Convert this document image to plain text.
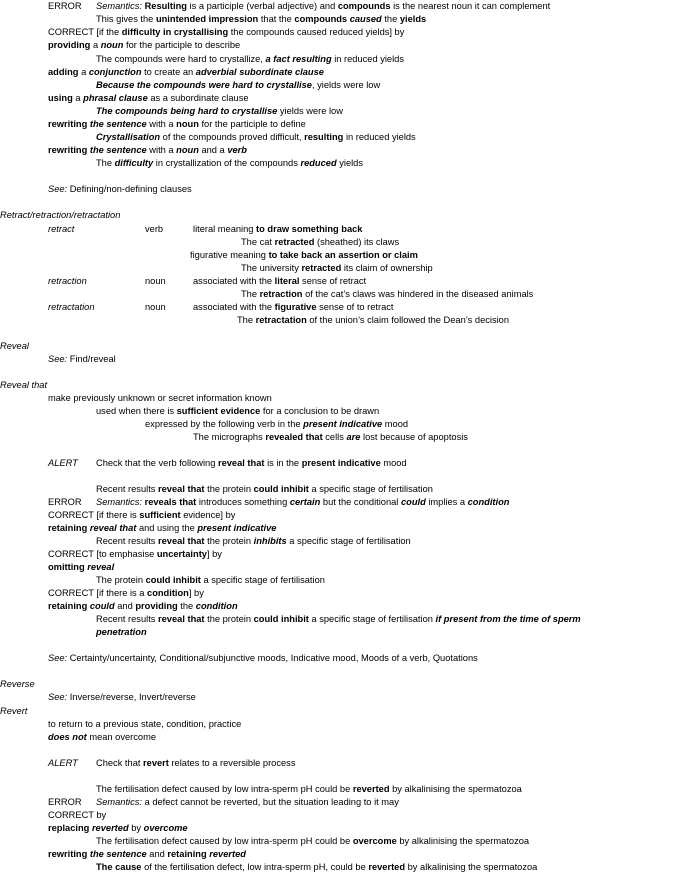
ERROR Semantics: Resulting is a participle (verbal adjective) and compounds is the nearest noun it can complement
This gives the unintended impression that the compounds caused the yields
CORRECT [if the difficulty in crystallising the compounds caused reduced yields] by
providing a noun for the participle to describe
The compounds were hard to crystallize, a fact resulting in reduced yields
adding a conjunction to create an adverbial subordinate clause
Because the compounds were hard to crystallise, yields were low
using a phrasal clause as a subordinate clause
The compounds being hard to crystallise yields were low
rewriting the sentence with a noun for the participle to define
Crystallisation of the compounds proved difficult, resulting in reduced yields
rewriting the sentence with a noun and a verb
The difficulty in crystallization of the compounds reduced yields
See: Defining/non-defining clauses
Retract/retraction/retractation
retract	verb	literal meaning to draw something back
The cat retracted (sheathed) its claws
figurative meaning to take back an assertion or claim
The university retracted its claim of ownership
retraction	noun	associated with the literal sense of retract
The retraction of the cat’s claws was hindered in the diseased animals
retractation	noun	associated with the figurative sense of to retract
The retractation of the union’s claim followed the Dean’s decision
Reveal
See: Find/reveal
Reveal that
make previously unknown or secret information known
used when there is sufficient evidence for a conclusion to be drawn
expressed by the following verb in the present indicative mood
The micrographs revealed that cells are lost because of apoptosis
ALERT Check that the verb following reveal that is in the present indicative mood
Recent results reveal that the protein could inhibit a specific stage of fertilisation
ERROR Semantics: reveals that introduces something certain but the conditional could implies a condition
CORRECT [if there is sufficient evidence] by
retaining reveal that and using the present indicative
Recent results reveal that the protein inhibits a specific stage of fertilisation
CORRECT [to emphasise uncertainty] by
omitting reveal
The protein could inhibit a specific stage of fertilisation
CORRECT [if there is a condition] by
retaining could and providing the condition
Recent results reveal that the protein could inhibit a specific stage of fertilisation if present from the time of sperm
penetration
See: Certainty/uncertainty, Conditional/subjunctive moods, Indicative mood, Moods of a verb, Quotations
Reverse
See: Inverse/reverse, Invert/reverse
Revert
to return to a previous state, condition, practice
does not mean overcome
ALERT Check that revert relates to a reversible process
The fertilisation defect caused by low intra-sperm pH could be reverted by alkalinising the spermatozoa
ERROR Semantics: a defect cannot be reverted, but the situation leading to it may
CORRECT by
replacing reverted by overcome
The fertilisation defect caused by low intra-sperm pH could be overcome by alkalinising the spermatozoa
rewriting the sentence and retaining reverted
The cause of the fertilisation defect, low intra-sperm pH, could be reverted by alkalinising the spermatozoa
